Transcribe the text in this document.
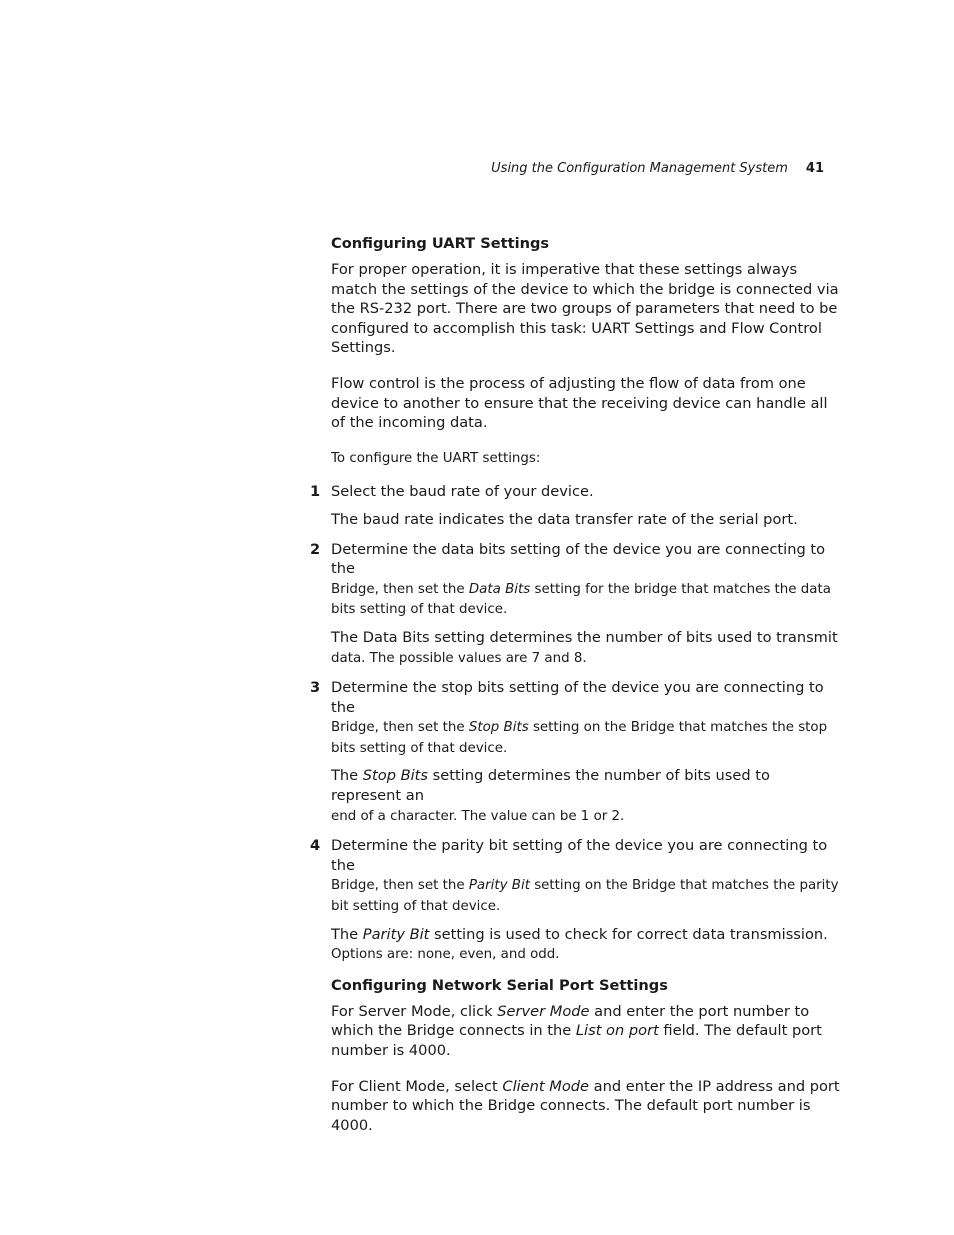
Using the Configuration Management System 41
Configuring UART Settings

For proper operation, it is imperative that these settings always match the settings of the device to which the bridge is connected via the RS-232 port. There are two groups of parameters that need to be configured to accomplish this task: UART Settings and Flow Control Settings.

Flow control is the process of adjusting the flow of data from one device to another to ensure that the receiving device can handle all of the incoming data.

To configure the UART settings:

1 Select the baud rate of your device.

The baud rate indicates the data transfer rate of the serial port.

2 Determine the data bits setting of the device you are connecting to the
Bridge, then set the Data Bits setting for the bridge that matches the data bits setting of that device.

The Data Bits setting determines the number of bits used to transmit
data. The possible values are 7 and 8.

3 Determine the stop bits setting of the device you are connecting to the
Bridge, then set the Stop Bits setting on the Bridge that matches the stop bits setting of that device.

The Stop Bits setting determines the number of bits used to represent an
end of a character. The value can be 1 or 2.

4 Determine the parity bit setting of the device you are connecting to the
Bridge, then set the Parity Bit setting on the Bridge that matches the parity bit setting of that device.

The Parity Bit setting is used to check for correct data transmission.
Options are: none, even, and odd.

Configuring Network Serial Port Settings

For Server Mode, click Server Mode and enter the port number to which the Bridge connects in the List on port field. The default port number is 4000.

For Client Mode, select Client Mode and enter the IP address and port number to which the Bridge connects. The default port number is 4000.
